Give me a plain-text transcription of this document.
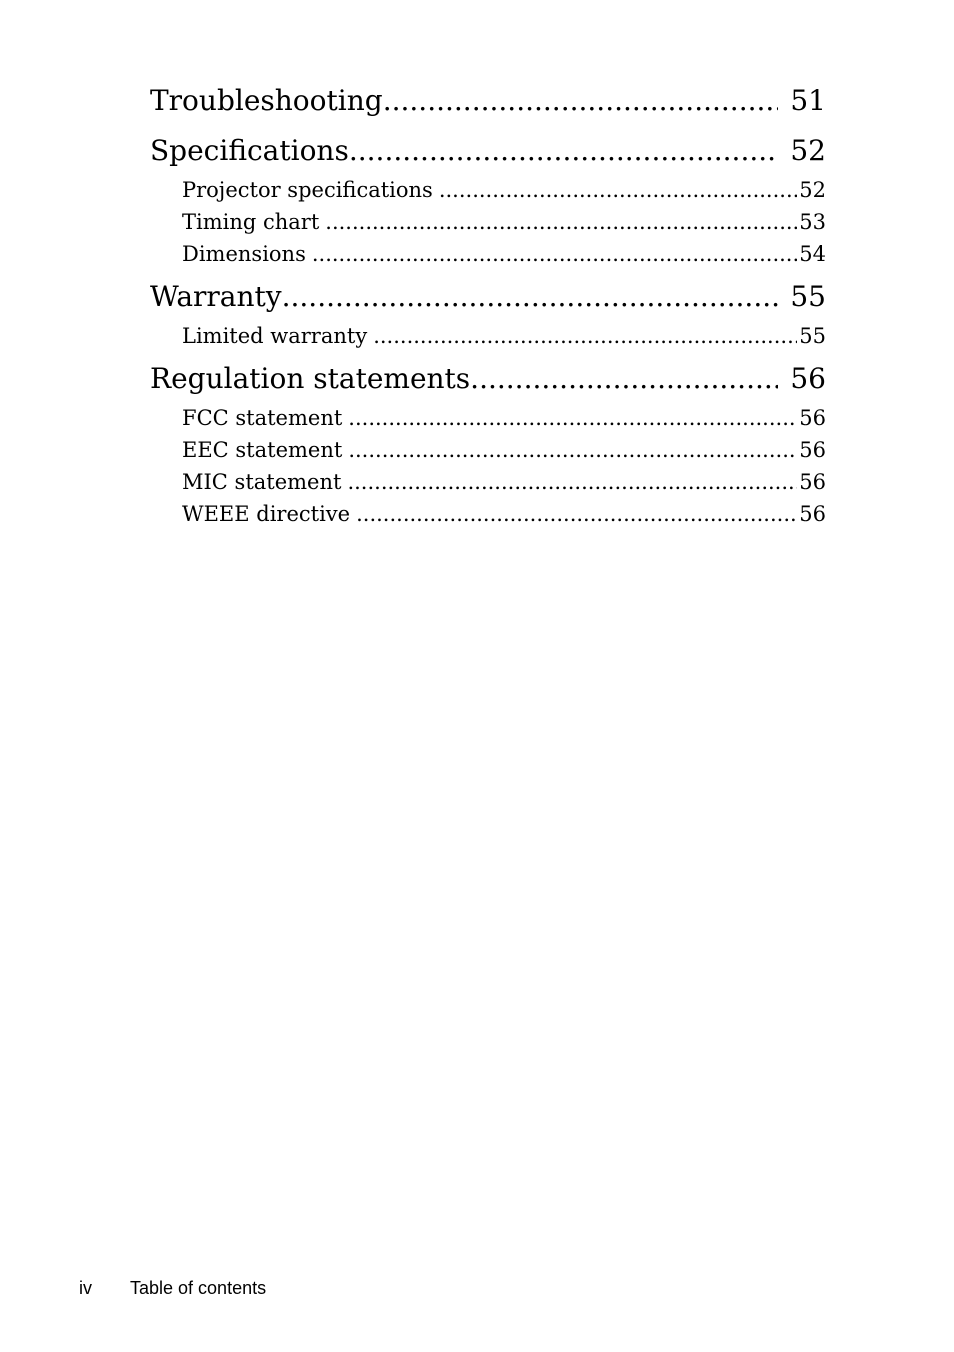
Troubleshooting .....	51
Specifications .....	52
Projector specifications .....	52
Timing chart .....	53
Dimensions .....	54
Warranty .....	55
Limited warranty .....	55
Regulation statements .....	56
FCC statement .....	56
EEC statement .....	56
MIC statement .....	56
WEEE directive .....	56
iv Table of contents
